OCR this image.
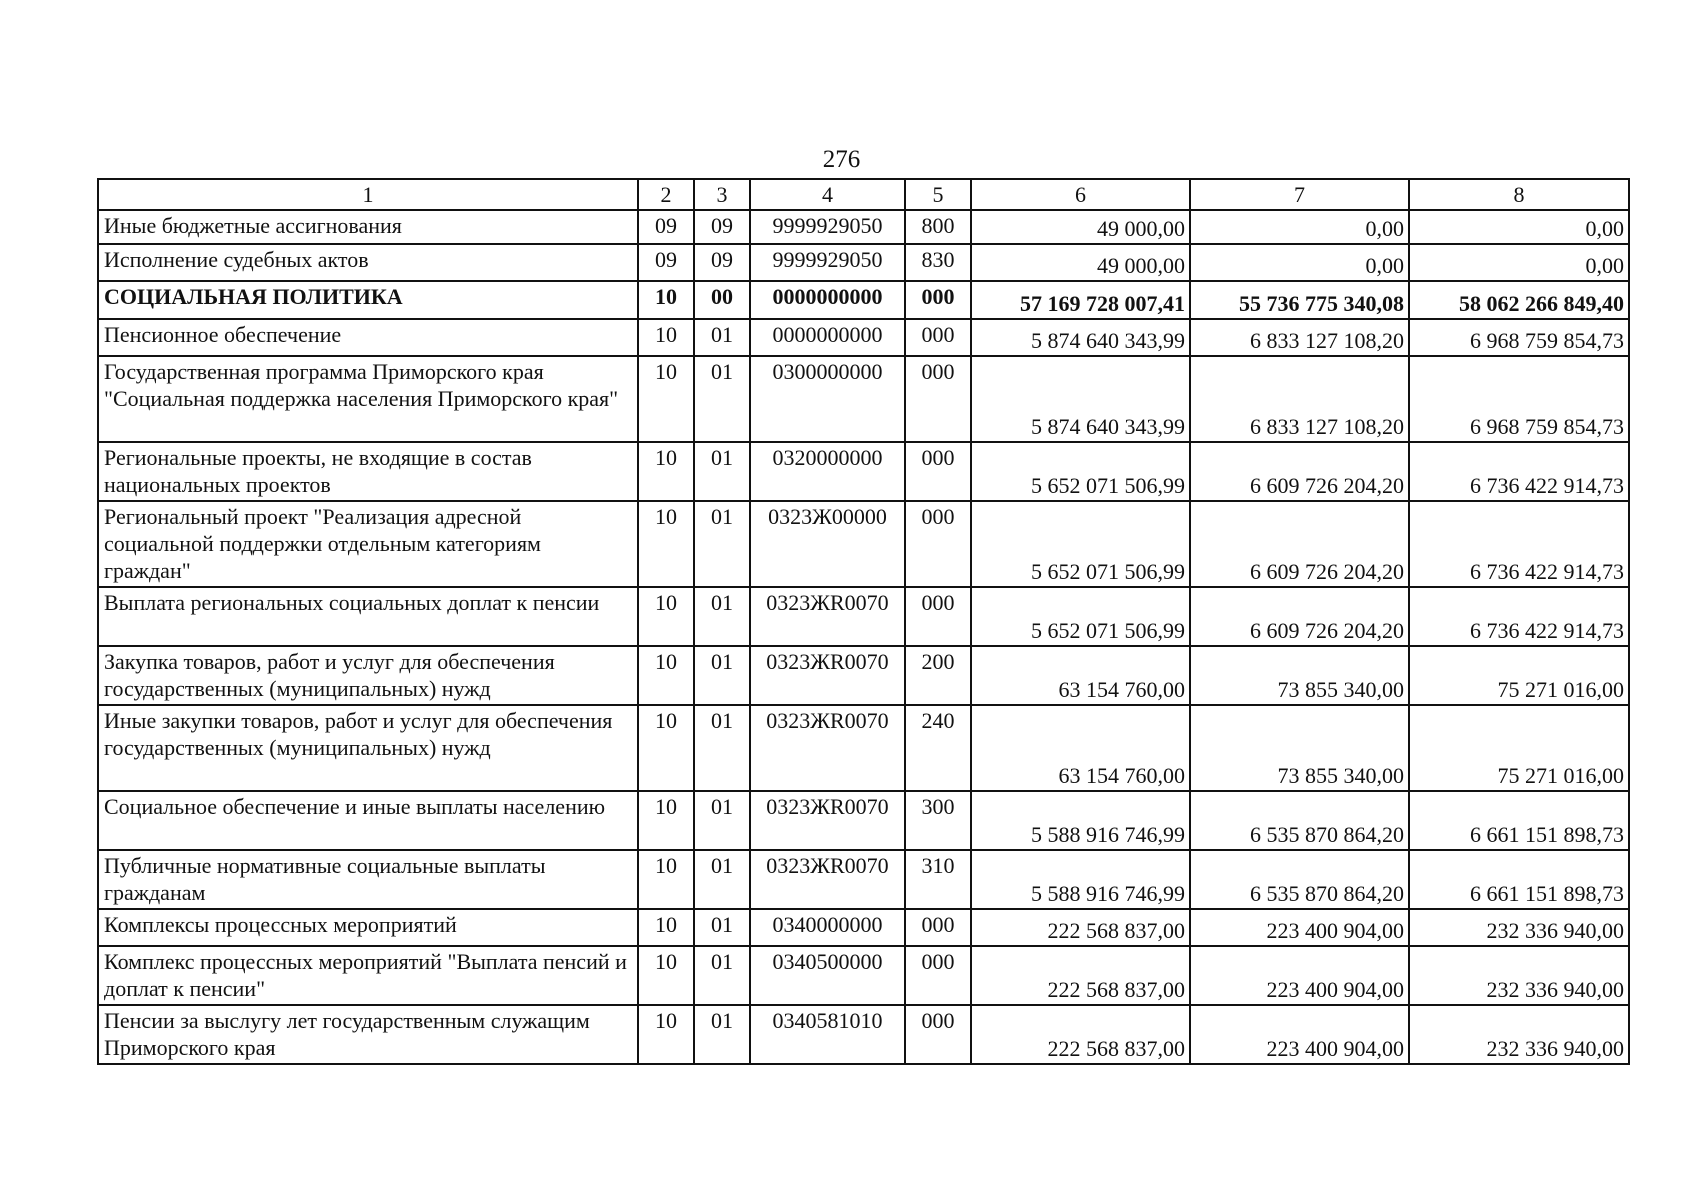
276
1	2	3	4	5	6	7	8
Иные бюджетные ассигнования	09	09	9999929050	800	49 000,00	0,00	0,00
Исполнение судебных актов	09	09	9999929050	830	49 000,00	0,00	0,00
СОЦИАЛЬНАЯ ПОЛИТИКА	10	00	0000000000	000	57 169 728 007,41	55 736 775 340,08	58 062 266 849,40
Пенсионное обеспечение	10	01	0000000000	000	5 874 640 343,99	6 833 127 108,20	6 968 759 854,73
Государственная программа Приморского края "Социальная поддержка населения Приморского края"	10	01	0300000000	000	5 874 640 343,99	6 833 127 108,20	6 968 759 854,73
Региональные проекты, не входящие в состав национальных проектов	10	01	0320000000	000	5 652 071 506,99	6 609 726 204,20	6 736 422 914,73
Региональный проект "Реализация адресной социальной поддержки отдельным категориям граждан"	10	01	0323Ж00000	000	5 652 071 506,99	6 609 726 204,20	6 736 422 914,73
Выплата региональных социальных доплат к пенсии	10	01	0323ЖR0070	000	5 652 071 506,99	6 609 726 204,20	6 736 422 914,73
Закупка товаров, работ и услуг для обеспечения государственных (муниципальных) нужд	10	01	0323ЖR0070	200	63 154 760,00	73 855 340,00	75 271 016,00
Иные закупки товаров, работ и услуг для обеспечения государственных (муниципальных) нужд	10	01	0323ЖR0070	240	63 154 760,00	73 855 340,00	75 271 016,00
Социальное обеспечение и иные выплаты населению	10	01	0323ЖR0070	300	5 588 916 746,99	6 535 870 864,20	6 661 151 898,73
Публичные нормативные социальные выплаты гражданам	10	01	0323ЖR0070	310	5 588 916 746,99	6 535 870 864,20	6 661 151 898,73
Комплексы процессных мероприятий	10	01	0340000000	000	222 568 837,00	223 400 904,00	232 336 940,00
Комплекс процессных мероприятий "Выплата пенсий и доплат к пенсии"	10	01	0340500000	000	222 568 837,00	223 400 904,00	232 336 940,00
Пенсии за выслугу лет государственным служащим Приморского края	10	01	0340581010	000	222 568 837,00	223 400 904,00	232 336 940,00
